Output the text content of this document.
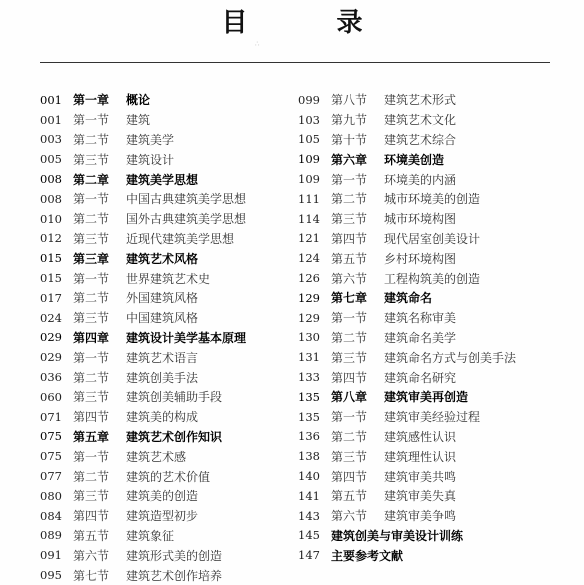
目 录
∴
001 第一章	概论
001 第一节	建筑
003 第二节	建筑美学
005 第三节	建筑设计
008 第二章	建筑美学思想
008 第一节	中国古典建筑美学思想
010 第二节	国外古典建筑美学思想
012 第三节	近现代建筑美学思想
015 第三章	建筑艺术风格
015 第一节	世界建筑艺术史
017 第二节	外国建筑风格
024 第三节	中国建筑风格
029 第四章	建筑设计美学基本原理
029 第一节	建筑艺术语言
036 第二节	建筑创美手法
060 第三节	建筑创美辅助手段
071 第四节	建筑美的构成
075 第五章	建筑艺术创作知识
075 第一节	建筑艺术感
077 第二节	建筑的艺术价值
080 第三节	建筑美的创造
084 第四节	建筑造型初步
089 第五节	建筑象征
091 第六节	建筑形式美的创造
095 第七节	建筑艺术创作培养
099 第八节	建筑艺术形式
103 第九节	建筑艺术文化
105 第十节	建筑艺术综合
109 第六章	环境美创造
109 第一节	环境美的内涵
111 第二节	城市环境美的创造
114 第三节	城市环境构图
121 第四节	现代居室创美设计
124 第五节	乡村环境构图
126 第六节	工程构筑美的创造
129 第七章	建筑命名
129 第一节	建筑名称审美
130 第二节	建筑命名美学
131 第三节	建筑命名方式与创美手法
133 第四节	建筑命名研究
135 第八章	建筑审美再创造
135 第一节	建筑审美经验过程
136 第二节	建筑感性认识
138 第三节	建筑理性认识
140 第四节	建筑审美共鸣
141 第五节	建筑审美失真
143 第六节	建筑审美争鸣
145 建筑创美与审美设计训练
147 主要参考文献
